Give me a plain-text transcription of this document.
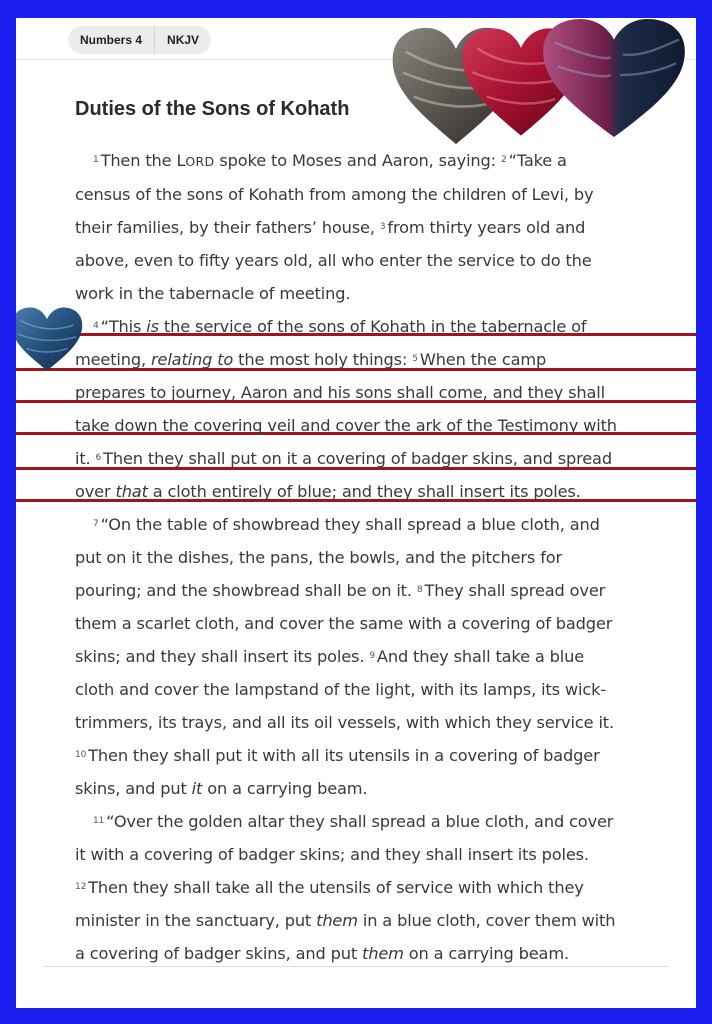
Numbers 4	NKJV
Duties of the Sons of Kohath
$^1$ Then the LORD spoke to Moses and Aaron, saying: $^2$ “Take a
census of the sons of Kohath from among the children of Levi, by
their families, by their fathers’ house, $^3$ from thirty years old and
above, even to fifty years old, all who enter the service to do the
work in the tabernacle of meeting.
$^4$ “This is the service of the sons of Kohath in the tabernacle of
meeting, relating to the most holy things: $^5$ When the camp
prepares to journey, Aaron and his sons shall come, and they shall
take down the covering veil and cover the ark of the Testimony with
it. $^6$ Then they shall put on it a covering of badger skins, and spread
over that a cloth entirely of blue; and they shall insert its poles.
$^7$ “On the table of showbread they shall spread a blue cloth, and
put on it the dishes, the pans, the bowls, and the pitchers for
pouring; and the showbread shall be on it. $^8$ They shall spread over
them a scarlet cloth, and cover the same with a covering of badger
skins; and they shall insert its poles. $^9$ And they shall take a blue
cloth and cover the lampstand of the light, with its lamps, its wick-
trimmers, its trays, and all its oil vessels, with which they service it.
$^{10}$ Then they shall put it with all its utensils in a covering of badger
skins, and put it on a carrying beam.
$^{11}$ “Over the golden altar they shall spread a blue cloth, and cover
it with a covering of badger skins; and they shall insert its poles.
$^{12}$ Then they shall take all the utensils of service with which they
minister in the sanctuary, put them in a blue cloth, cover them with
a covering of badger skins, and put them on a carrying beam.
